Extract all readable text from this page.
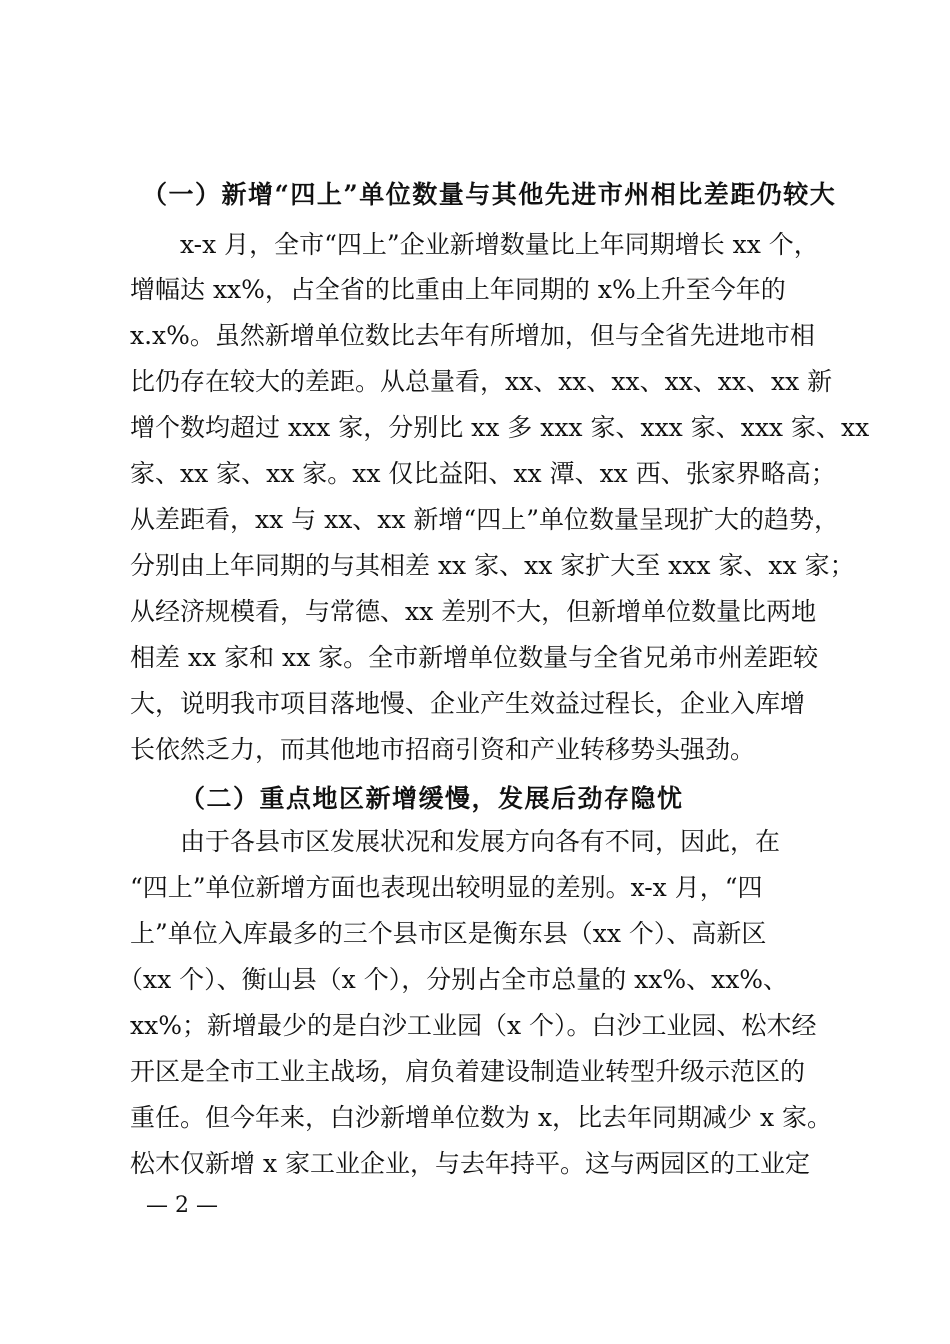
（一）新增“四上”单位数量与其他先进市州相比差距仍较大
x-x 月，全市“四上”企业新增数量比上年同期增长 xx 个，
增幅达 xx%，占全省的比重由上年同期的 x%上升至今年的
x.x%。虽然新增单位数比去年有所增加，但与全省先进地市相
比仍存在较大的差距。从总量看，xx、xx、xx、xx、xx、xx 新
增个数均超过 xxx 家，分别比 xx 多 xxx 家、xxx 家、xxx 家、xx
家、xx 家、xx 家。xx 仅比益阳、xx 潭、xx 西、张家界略高；
从差距看，xx 与 xx、xx 新增“四上”单位数量呈现扩大的趋势，
分别由上年同期的与其相差 xx 家、xx 家扩大至 xxx 家、xx 家；
从经济规模看，与常德、xx 差别不大，但新增单位数量比两地
相差 xx 家和 xx 家。全市新增单位数量与全省兄弟市州差距较
大，说明我市项目落地慢、企业产生效益过程长，企业入库增
长依然乏力，而其他地市招商引资和产业转移势头强劲。
（二）重点地区新增缓慢，发展后劲存隐忧
由于各县市区发展状况和发展方向各有不同，因此，在
“四上”单位新增方面也表现出较明显的差别。x-x 月，“四
上”单位入库最多的三个县市区是衡东县（xx 个）、高新区
（xx 个）、衡山县（x 个），分别占全市总量的 xx%、xx%、
xx%；新增最少的是白沙工业园（x 个）。白沙工业园、松木经
开区是全市工业主战场，肩负着建设制造业转型升级示范区的
重任。但今年来，白沙新增单位数为 x，比去年同期减少 x 家。
松木仅新增 x 家工业企业，与去年持平。这与两园区的工业定
— 2 —
